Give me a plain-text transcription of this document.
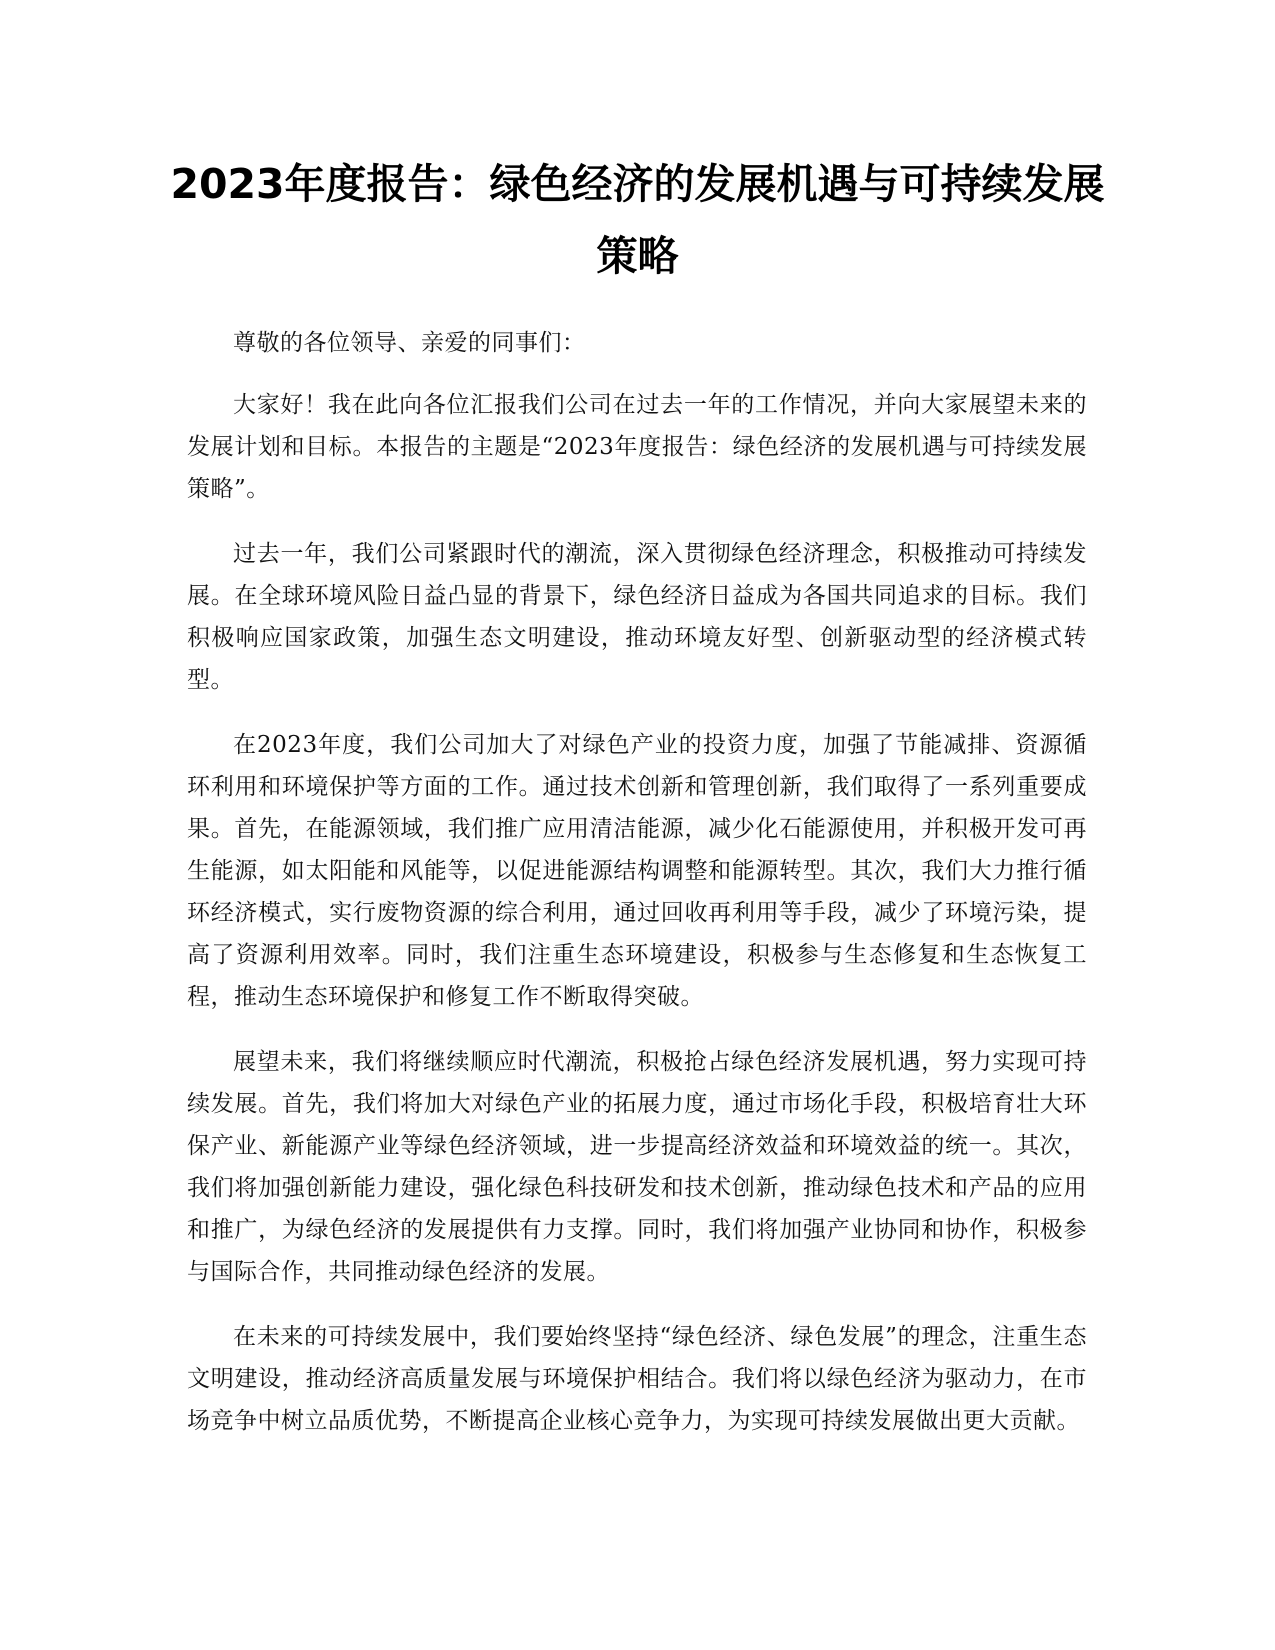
2023年度报告：绿色经济的发展机遇与可持续发展策略

尊敬的各位领导、亲爱的同事们：

大家好！我在此向各位汇报我们公司在过去一年的工作情况，并向大家展望未来的发展计划和目标。本报告的主题是“2023年度报告：绿色经济的发展机遇与可持续发展策略”。

过去一年，我们公司紧跟时代的潮流，深入贯彻绿色经济理念，积极推动可持续发展。在全球环境风险日益凸显的背景下，绿色经济日益成为各国共同追求的目标。我们积极响应国家政策，加强生态文明建设，推动环境友好型、创新驱动型的经济模式转型。

在2023年度，我们公司加大了对绿色产业的投资力度，加强了节能减排、资源循环利用和环境保护等方面的工作。通过技术创新和管理创新，我们取得了一系列重要成果。首先，在能源领域，我们推广应用清洁能源，减少化石能源使用，并积极开发可再生能源，如太阳能和风能等，以促进能源结构调整和能源转型。其次，我们大力推行循环经济模式，实行废物资源的综合利用，通过回收再利用等手段，减少了环境污染，提高了资源利用效率。同时，我们注重生态环境建设，积极参与生态修复和生态恢复工程，推动生态环境保护和修复工作不断取得突破。

展望未来，我们将继续顺应时代潮流，积极抢占绿色经济发展机遇，努力实现可持续发展。首先，我们将加大对绿色产业的拓展力度，通过市场化手段，积极培育壮大环保产业、新能源产业等绿色经济领域，进一步提高经济效益和环境效益的统一。其次，我们将加强创新能力建设，强化绿色科技研发和技术创新，推动绿色技术和产品的应用和推广，为绿色经济的发展提供有力支撑。同时，我们将加强产业协同和协作，积极参与国际合作，共同推动绿色经济的发展。

在未来的可持续发展中，我们要始终坚持“绿色经济、绿色发展”的理念，注重生态文明建设，推动经济高质量发展与环境保护相结合。我们将以绿色经济为驱动力，在市场竞争中树立品质优势，不断提高企业核心竞争力，为实现可持续发展做出更大贡献。
